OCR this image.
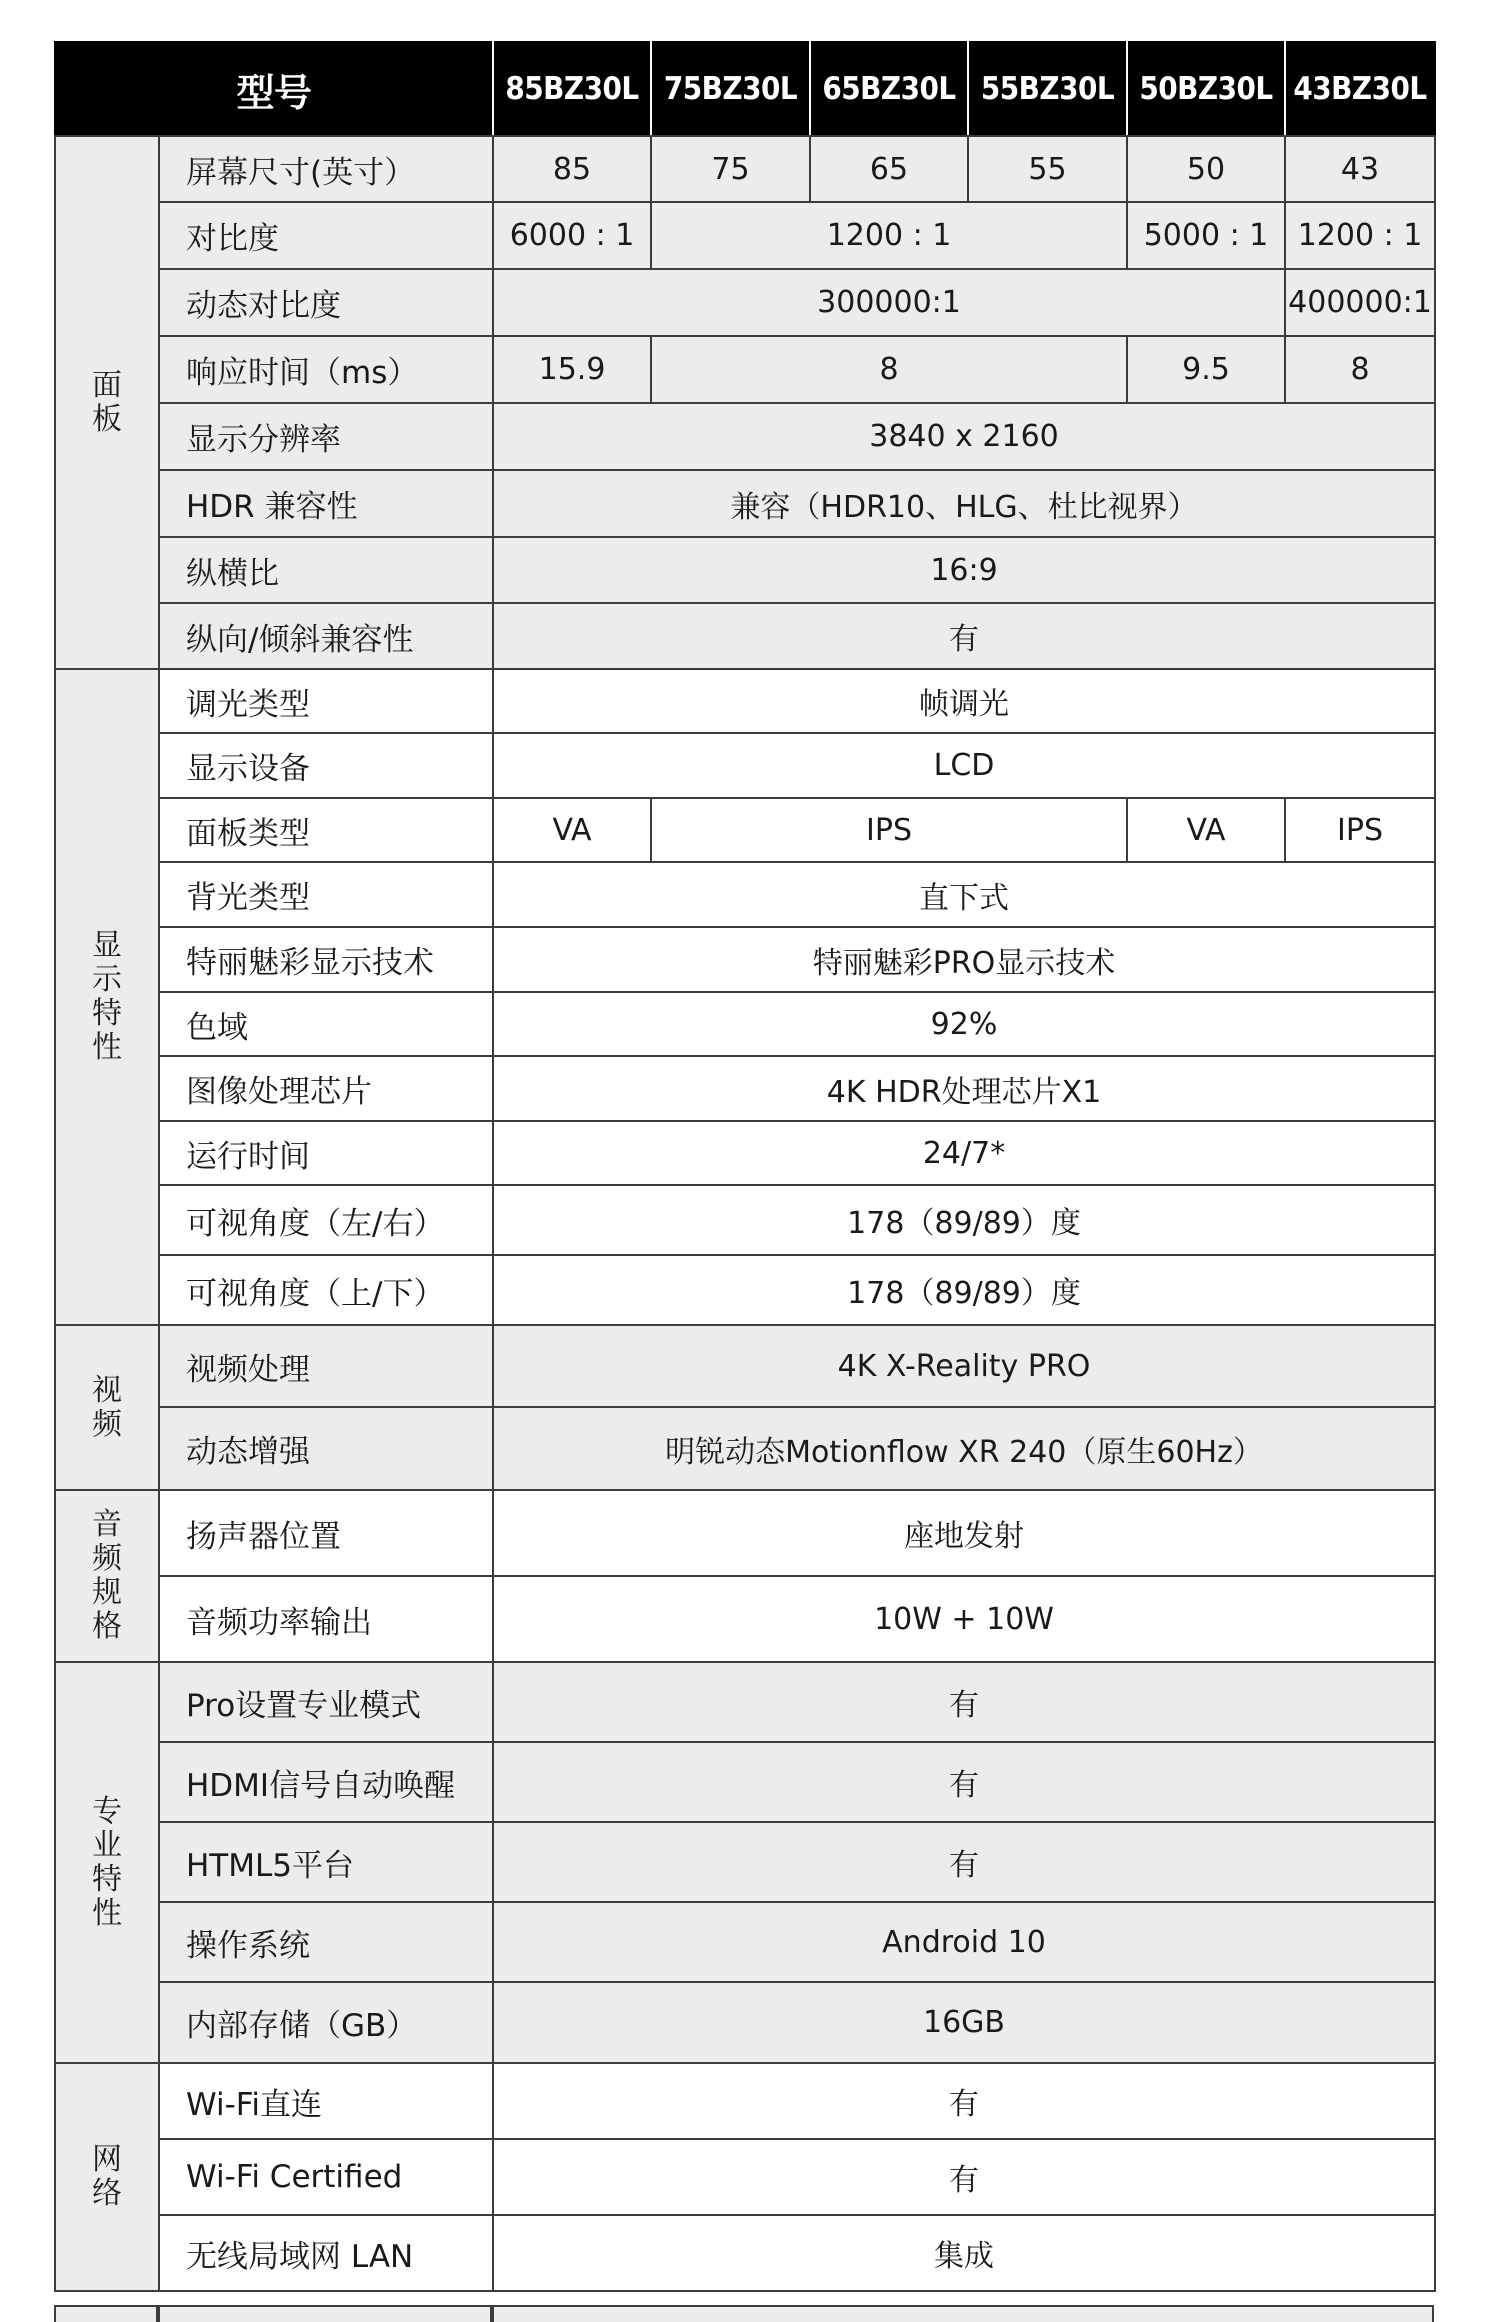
型号		85BZ30L	75BZ30L	65BZ30L	55BZ30L	50BZ30L	43BZ30L
面板	屏幕尺寸(英寸）	85	75	65	55	50	43
	对比度	6000 : 1	1200 : 1			5000 : 1	1200 : 1
	动态对比度	300000:1					400000:1
	响应时间（ms）	15.9	8			9.5	8
	显示分辨率	3840 x 2160					
	HDR 兼容性	兼容（HDR10、HLG、杜比视界）					
	纵横比	16:9					
	纵向/倾斜兼容性	有					
显示特性	调光类型	帧调光					
	显示设备	LCD					
	面板类型	VA	IPS			VA	IPS
	背光类型	直下式					
	特丽魅彩显示技术	特丽魅彩PRO显示技术					
	色域	92%					
	图像处理芯片	4K HDR处理芯片X1					
	运行时间	24/7*					
	可视角度（左/右）	178（89/89）度					
	可视角度（上/下）	178（89/89）度					
视频	视频处理	4K X-Reality PRO					
	动态增强	明锐动态Motionflow XR 240（原生60Hz）					
音频规格	扬声器位置	座地发射					
	音频功率输出	10W + 10W					
专业特性	Pro设置专业模式	有					
	HDMI信号自动唤醒	有					
	HTML5平台	有					
	操作系统	Android 10					
	内部存储（GB）	16GB					
网络	Wi-Fi直连	有					
	Wi-Fi Certified	有					
	无线局域网 LAN	集成					
